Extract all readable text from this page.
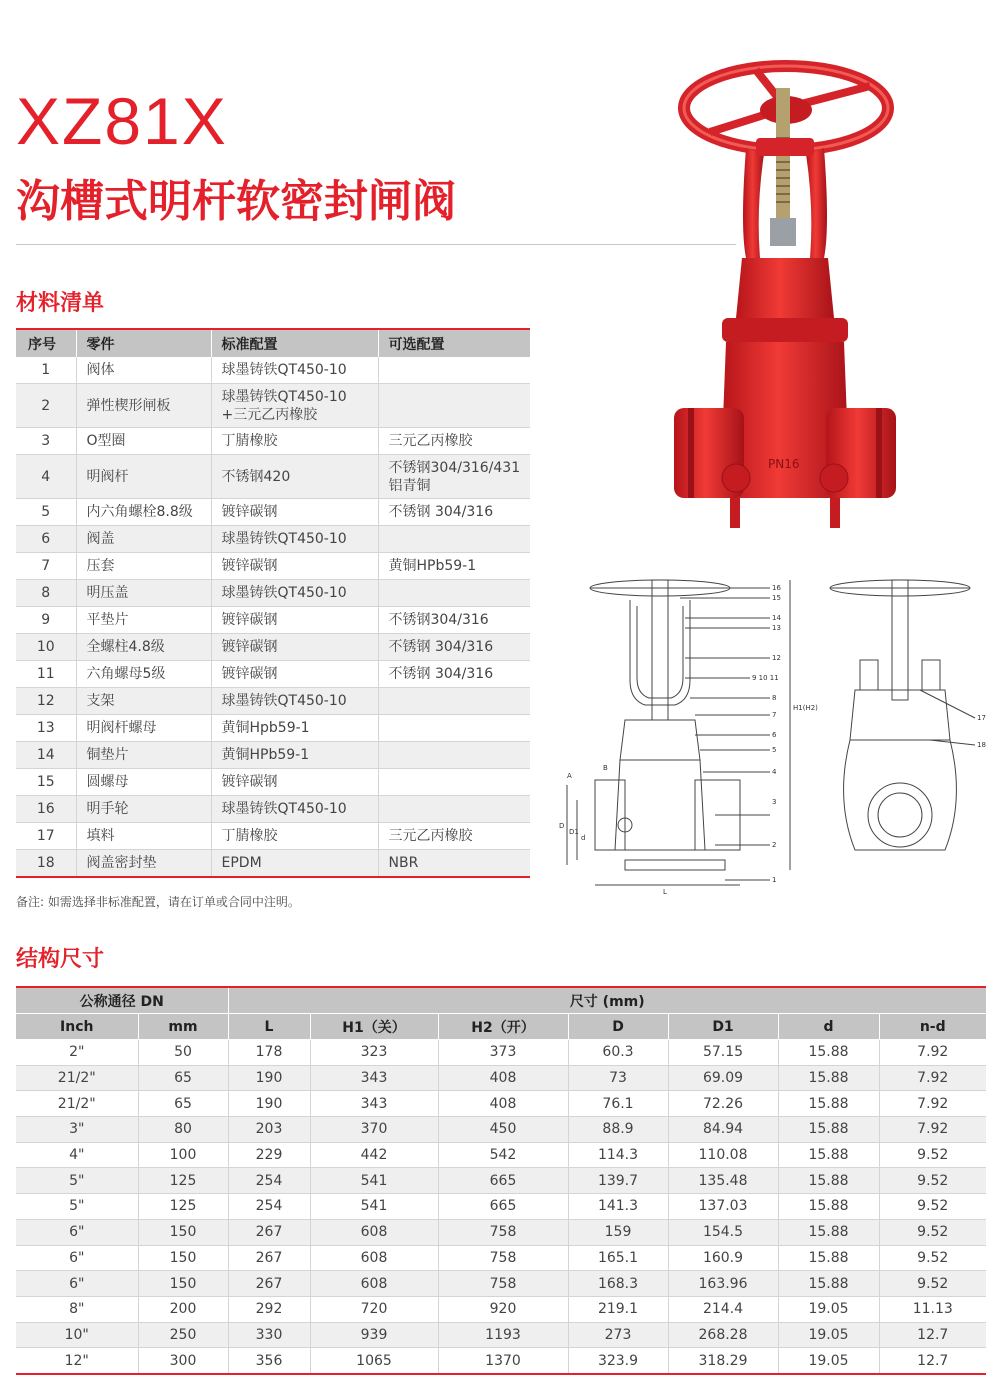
XZ81X
沟槽式明杆软密封闸阀
PN16
16
15
14
13
12
9 10 11
8
7
6
5
4
3
2
1
17
18
A
B
D
D1
d
L
H1(H2)
材料清单
序号	零件	标准配置	可选配置
1	阀体	球墨铸铁QT450-10	
2	弹性楔形闸板	球墨铸铁QT450-10
+三元乙丙橡胶	
3	O型圈	丁腈橡胶	三元乙丙橡胶
4	明阀杆	不锈钢420	不锈钢304/316/431
铝青铜
5	内六角螺栓8.8级	镀锌碳钢	不锈钢 304/316
6	阀盖	球墨铸铁QT450-10	
7	压套	镀锌碳钢	黄铜HPb59-1
8	明压盖	球墨铸铁QT450-10	
9	平垫片	镀锌碳钢	不锈钢304/316
10	全螺柱4.8级	镀锌碳钢	不锈钢 304/316
11	六角螺母5级	镀锌碳钢	不锈钢 304/316
12	支架	球墨铸铁QT450-10	
13	明阀杆螺母	黄铜Hpb59-1	
14	铜垫片	黄铜HPb59-1	
15	圆螺母	镀锌碳钢	
16	明手轮	球墨铸铁QT450-10	
17	填料	丁腈橡胶	三元乙丙橡胶
18	阀盖密封垫	EPDM	NBR
备注: 如需选择非标准配置，请在订单或合同中注明。
结构尺寸
公称通径 DN		尺寸 (mm)						
Inch	mm	L	H1（关）	H2（开）	D	D1	d	n-d
2"	50	178	323	373	60.3	57.15	15.88	7.92
21/2"	65	190	343	408	73	69.09	15.88	7.92
21/2"	65	190	343	408	76.1	72.26	15.88	7.92
3"	80	203	370	450	88.9	84.94	15.88	7.92
4"	100	229	442	542	114.3	110.08	15.88	9.52
5"	125	254	541	665	139.7	135.48	15.88	9.52
5"	125	254	541	665	141.3	137.03	15.88	9.52
6"	150	267	608	758	159	154.5	15.88	9.52
6"	150	267	608	758	165.1	160.9	15.88	9.52
6"	150	267	608	758	168.3	163.96	15.88	9.52
8"	200	292	720	920	219.1	214.4	19.05	11.13
10"	250	330	939	1193	273	268.28	19.05	12.7
12"	300	356	1065	1370	323.9	318.29	19.05	12.7
